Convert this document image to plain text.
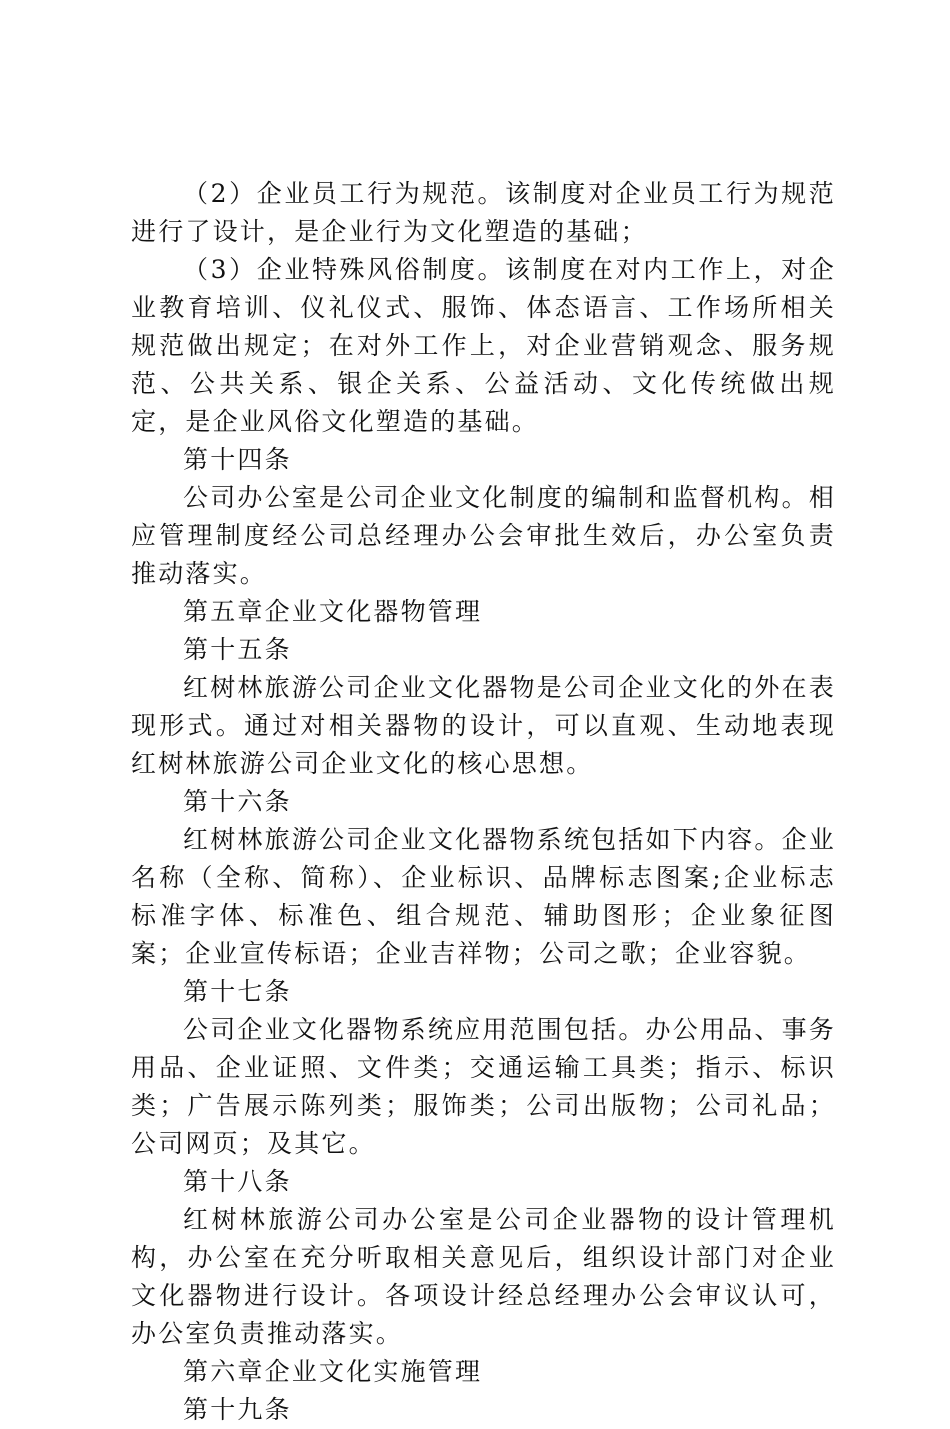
（2）企业员工行为规范。该制度对企业员工行为规范进行了设计，是企业行为文化塑造的基础；

（3）企业特殊风俗制度。该制度在对内工作上，对企业教育培训、仪礼仪式、服饰、体态语言、工作场所相关规范做出规定；在对外工作上，对企业营销观念、服务规范、公共关系、银企关系、公益活动、文化传统做出规定，是企业风俗文化塑造的基础。

第十四条

公司办公室是公司企业文化制度的编制和监督机构。相应管理制度经公司总经理办公会审批生效后，办公室负责推动落实。

第五章企业文化器物管理

第十五条

红树林旅游公司企业文化器物是公司企业文化的外在表现形式。通过对相关器物的设计，可以直观、生动地表现红树林旅游公司企业文化的核心思想。

第十六条

红树林旅游公司企业文化器物系统包括如下内容。企业名称（全称、简称）、企业标识、品牌标志图案;企业标志标准字体、标准色、组合规范、辅助图形；企业象征图案；企业宣传标语；企业吉祥物；公司之歌；企业容貌。

第十七条

公司企业文化器物系统应用范围包括。办公用品、事务用品、企业证照、文件类；交通运输工具类；指示、标识类；广告展示陈列类；服饰类；公司出版物；公司礼品；公司网页；及其它。

第十八条

红树林旅游公司办公室是公司企业器物的设计管理机构，办公室在充分听取相关意见后，组织设计部门对企业文化器物进行设计。各项设计经总经理办公会审议认可，办公室负责推动落实。

第六章企业文化实施管理

第十九条
